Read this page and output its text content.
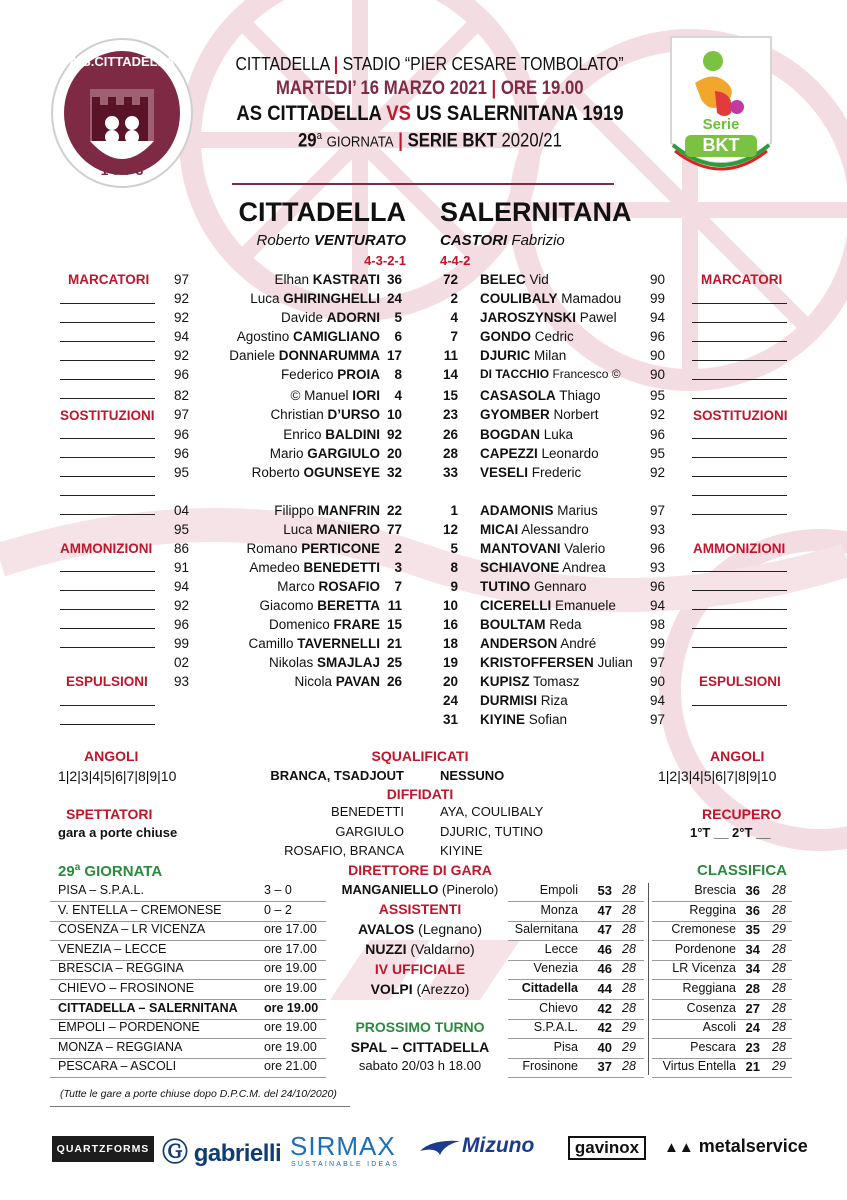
A.S.CITTADELLA
1 9 7 3
Serie
BKT
CITTADELLA | STADIO “PIER CESARE TOMBOLATO”
MARTEDI’ 16 MARZO 2021 | ORE 19.00
AS CITTADELLA VS US SALERNITANA 1919
29$^a$ GIORNATA | SERIE BKT 2020/21
CITTADELLA SALERNITANA
Roberto VENTURATO CASTORI Fabrizio
4-3-2-1	4-4-2
97	Elhan KASTRATI 36
92	Luca GHIRINGHELLI 24
92	Davide ADORNI	5
94	Agostino CAMIGLIANO	6
92	Daniele DONNARUMMA 17
96	Federico PROIA	8
82	© Manuel IORI	4
97	Christian D’URSO 10
96	Enrico BALDINI 92
96	Mario GARGIULO 20
95	Roberto OGUNSEYE 32
04	Filippo MANFRIN 22
95	Luca MANIERO 77
86	Romano PERTICONE	2
91	Amedeo BENEDETTI	3
94	Marco ROSAFIO	7
92	Giacomo BERETTA 11
96	Domenico FRARE 15
99	Camillo TAVERNELLI 21
02	Nikolas SMAJLAJ 25
93	Nicola PAVAN 26
72 BELEC Vid	90
2 COULIBALY Mamadou 99
4 JAROSZYNSKI Pawel 94
7 GONDO Cedric	96
11 DJURIC Milan	90
14 DI TACCHIO Francesco © 90
15 CASASOLA Thiago	95
23 GYOMBER Norbert	92
26 BOGDAN Luka	96
28 CAPEZZI Leonardo	95
33 VESELI Frederic	92
1 ADAMONIS Marius	97
12 MICAI Alessandro	93
5 MANTOVANI Valerio	96
8 SCHIAVONE Andrea	93
9 TUTINO Gennaro	96
10 CICERELLI Emanuele	94
16 BOULTAM Reda	98
18 ANDERSON André	99
19 KRISTOFFERSEN Julian 97
20 KUPISZ Tomasz	90
24 DURMISI Riza	94
31 KIYINE Sofian	97
MARCATORI
SOSTITUZIONI
AMMONIZIONI
ESPULSIONI
MARCATORI
SOSTITUZIONI
AMMONIZIONI
ESPULSIONI
ANGOLI
1|2|3|4|5|6|7|8|9|10
ANGOLI
1|2|3|4|5|6|7|8|9|10
SQUALIFICATI
BRANCA, TSADJOUT	NESSUNO
DIFFIDATI
BENEDETTI
GARGIULO
ROSAFIO, BRANCA
AYA, COULIBALY
DJURIC, TUTINO
KIYINE
SPETTATORI
gara a porte chiuse
RECUPERO
1°T __ 2°T __
29$^a$ GIORNATA
PISA – S.P.A.L.	3 – 0
V. ENTELLA – CREMONESE	0 – 2
COSENZA – LR VICENZA	ore 17.00
VENEZIA – LECCE	ore 17.00
BRESCIA – REGGINA	ore 19.00
CHIEVO – FROSINONE	ore 19.00
CITTADELLA – SALERNITANA ore 19.00
EMPOLI – PORDENONE	ore 19.00
MONZA – REGGIANA	ore 19.00
PESCARA – ASCOLI	ore 21.00
DIRETTORE DI GARA
MANGANIELLO (Pinerolo)
ASSISTENTI
AVALOS (Legnano)
NUZZI (Valdarno)
IV UFFICIALE
VOLPI (Arezzo)
PROSSIMO TURNO
SPAL – CITTADELLA
sabato 20/03 h 18.00
CLASSIFICA
Empoli	53 28
Monza	47 28
Salernitana	47 28
Lecce	46 28
Venezia	46 28
Cittadella	44 28
Chievo	42 28
S.P.A.L.	42 29
Pisa	40 29
Frosinone	37 28
Brescia 36 28
Reggina 36 28
Cremonese 35 29
Pordenone 34 28
LR Vicenza 34 28
Reggiana 28 28
Cosenza 27 28
Ascoli 24 28
Pescara 23 28
Virtus Entella 21 29
(Tutte le gare a porte chiuse dopo D.P.C.M. del 24/10/2020)
QUARTZFORMS Ⓖ gabrielli SIRMAX
SUSTAINABLE IDEAS
Mizuno	gavinox	▲▲ metalservice
